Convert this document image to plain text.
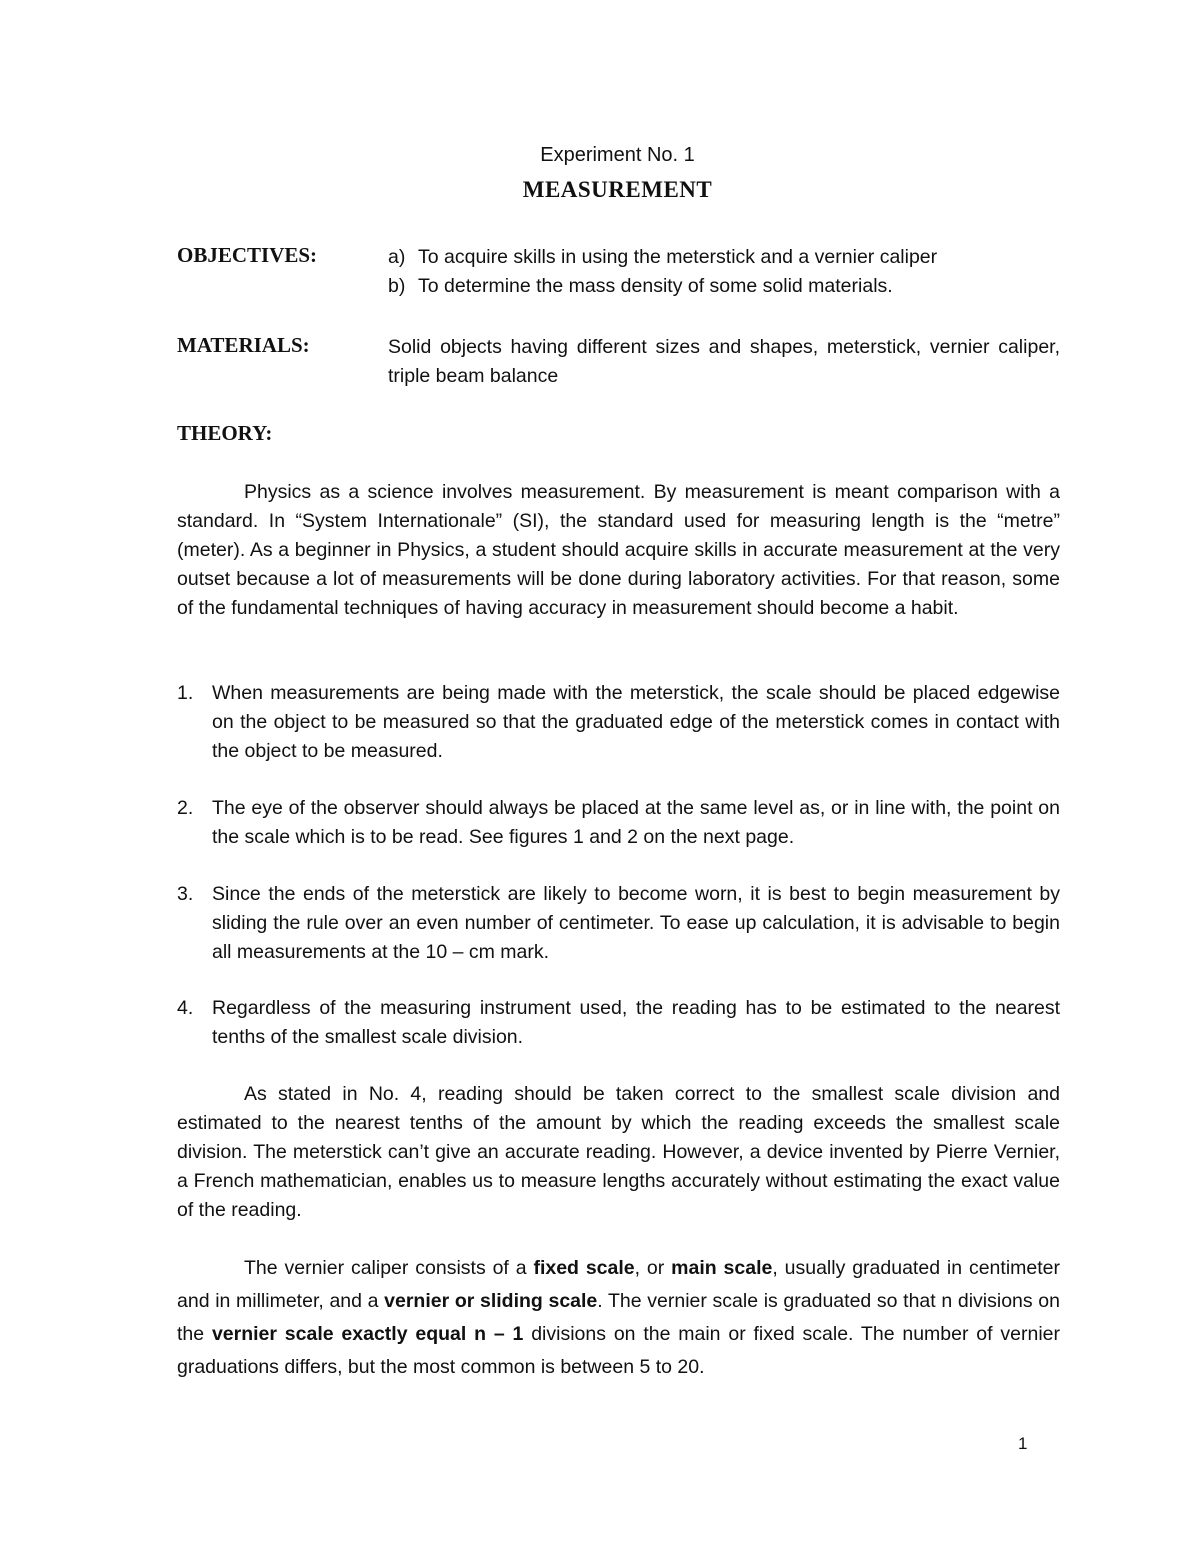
Experiment No. 1
MEASUREMENT
OBJECTIVES:	a) To acquire skills in using the meterstick and a vernier caliper
b) To determine the mass density of some solid materials.
MATERIALS:	Solid objects having different sizes and shapes, meterstick, vernier caliper, triple beam balance
THEORY:
Physics as a science involves measurement. By measurement is meant comparison with a standard. In “System Internationale” (SI), the standard used for measuring length is the “metre” (meter). As a beginner in Physics, a student should acquire skills in accurate measurement at the very outset because a lot of measurements will be done during laboratory activities. For that reason, some of the fundamental techniques of having accuracy in measurement should become a habit.
1. When measurements are being made with the meterstick, the scale should be placed edgewise on the object to be measured so that the graduated edge of the meterstick comes in contact with the object to be measured.
2. The eye of the observer should always be placed at the same level as, or in line with, the point on the scale which is to be read. See figures 1 and 2 on the next page.
3. Since the ends of the meterstick are likely to become worn, it is best to begin measurement by sliding the rule over an even number of centimeter. To ease up calculation, it is advisable to begin all measurements at the 10 – cm mark.
4. Regardless of the measuring instrument used, the reading has to be estimated to the nearest tenths of the smallest scale division.
As stated in No. 4, reading should be taken correct to the smallest scale division and estimated to the nearest tenths of the amount by which the reading exceeds the smallest scale division. The meterstick can’t give an accurate reading. However, a device invented by Pierre Vernier, a French mathematician, enables us to measure lengths accurately without estimating the exact value of the reading.
The vernier caliper consists of a fixed scale, or main scale, usually graduated in centimeter and in millimeter, and a vernier or sliding scale. The vernier scale is graduated so that n divisions on the vernier scale exactly equal n – 1 divisions on the main or fixed scale. The number of vernier graduations differs, but the most common is between 5 to 20.
1
